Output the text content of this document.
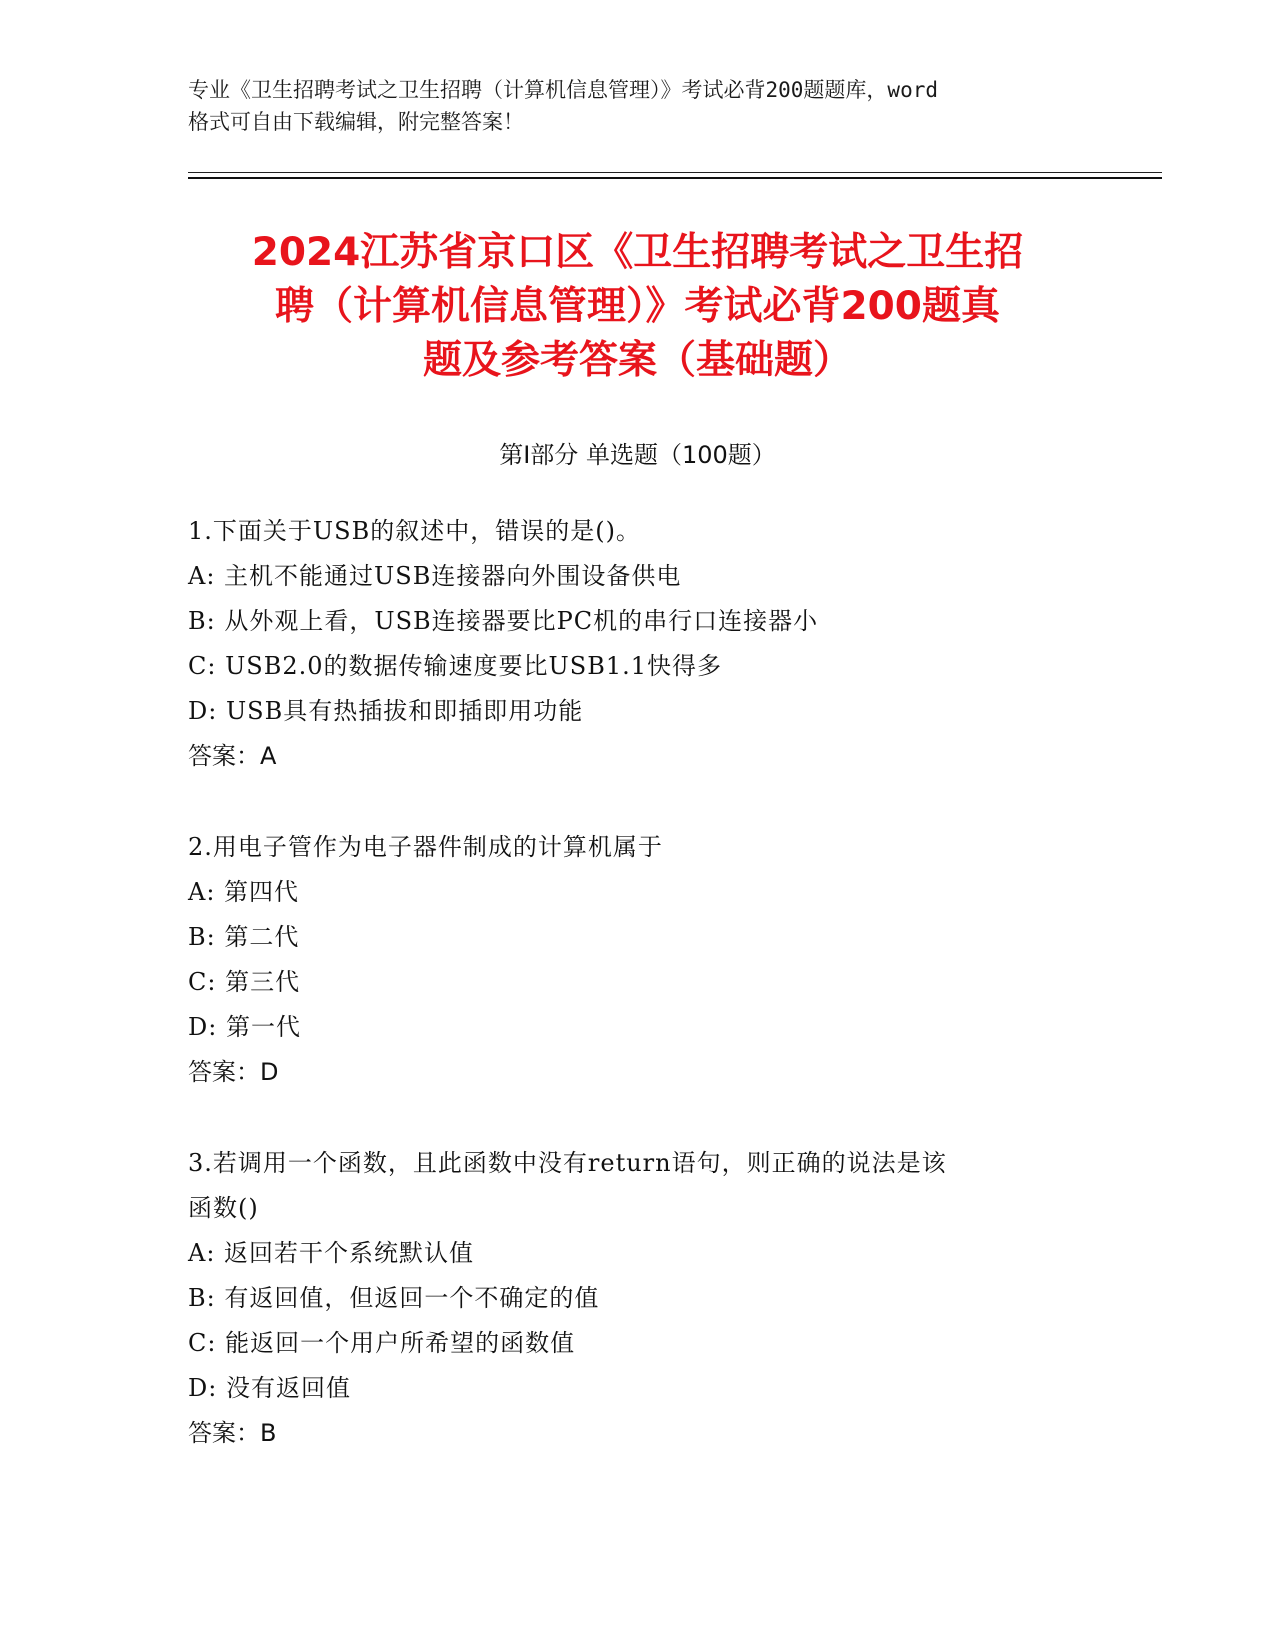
专业《卫生招聘考试之卫生招聘（计算机信息管理）》考试必背200题题库，word
格式可自由下载编辑，附完整答案！
2024江苏省京口区《卫生招聘考试之卫生招
聘（计算机信息管理）》考试必背200题真
题及参考答案（基础题）
第I部分 单选题（100题）

1.下面关于USB的叙述中，错误的是()。

A: 主机不能通过USB连接器向外围设备供电

B: 从外观上看，USB连接器要比PC机的串行口连接器小

C: USB2.0的数据传输速度要比USB1.1快得多

D: USB具有热插拔和即插即用功能

答案：A

2.用电子管作为电子器件制成的计算机属于

A: 第四代

B: 第二代

C: 第三代

D: 第一代

答案：D

3.若调用一个函数，且此函数中没有return语句，则正确的说法是该

函数()

A: 返回若干个系统默认值

B: 有返回值，但返回一个不确定的值

C: 能返回一个用户所希望的函数值

D: 没有返回值

答案：B
